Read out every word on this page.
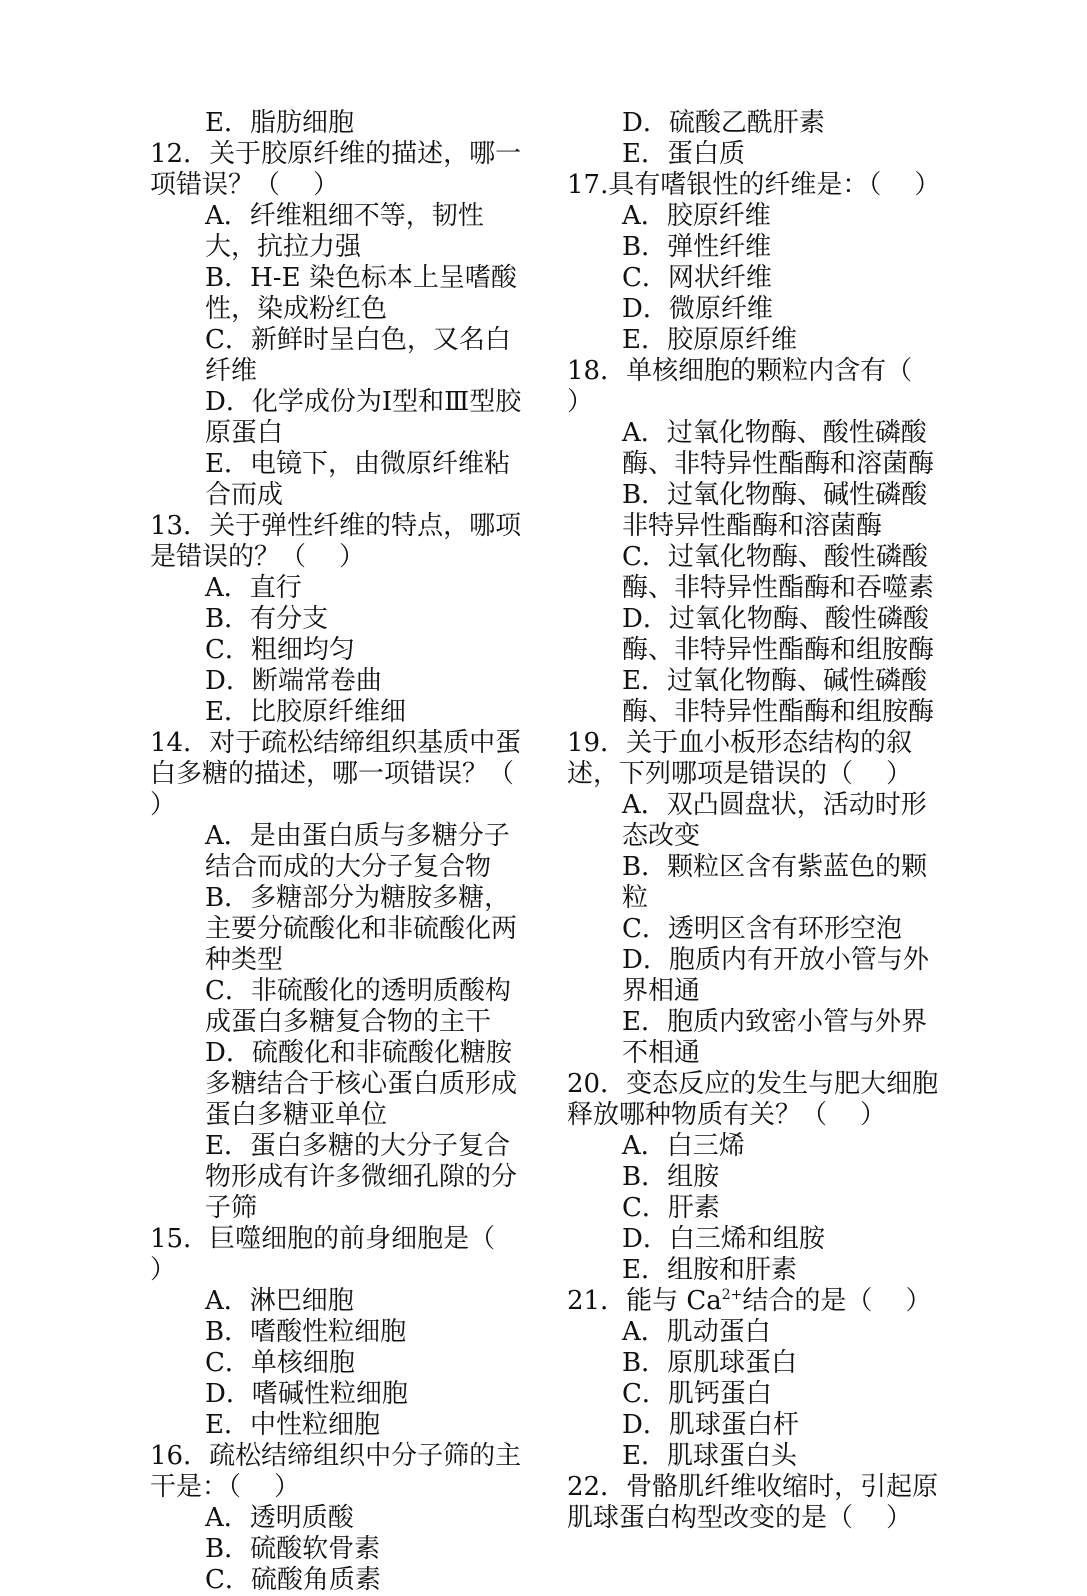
E．脂肪细胞
12．关于胶原纤维的描述，哪一项错误？（    ）
A．纤维粗细不等，韧性大，抗拉力强
B．H-E 染色标本上呈嗜酸性，染成粉红色
C．新鲜时呈白色，又名白纤维
D．化学成份为Ⅰ型和Ⅲ型胶原蛋白
E．电镜下，由微原纤维粘合而成
13．关于弹性纤维的特点，哪项是错误的？（    ）
A．直行
B．有分支
C．粗细均匀
D．断端常卷曲
E．比胶原纤维细
14．对于疏松结缔组织基质中蛋白多糖的描述，哪一项错误？（    ）
A．是由蛋白质与多糖分子结合而成的大分子复合物
B．多糖部分为糖胺多糖，主要分硫酸化和非硫酸化两种类型
C．非硫酸化的透明质酸构成蛋白多糖复合物的主干
D．硫酸化和非硫酸化糖胺多糖结合于核心蛋白质形成蛋白多糖亚单位
E．蛋白多糖的大分子复合物形成有许多微细孔隙的分子筛
15．巨噬细胞的前身细胞是（    ）
A．淋巴细胞
B．嗜酸性粒细胞
C．单核细胞
D．嗜碱性粒细胞
E．中性粒细胞
16．疏松结缔组织中分子筛的主干是：（    ）
A．透明质酸
B．硫酸软骨素
C．硫酸角质素
D．硫酸乙酰肝素
E．蛋白质
17.具有嗜银性的纤维是：（    ）
A．胶原纤维
B．弹性纤维
C．网状纤维
D．微原纤维
E．胶原原纤维
18．单核细胞的颗粒内含有（    ）
A．过氧化物酶、酸性磷酸酶、非特异性酯酶和溶菌酶
B．过氧化物酶、碱性磷酸非特异性酯酶和溶菌酶
C．过氧化物酶、酸性磷酸酶、非特异性酯酶和吞噬素
D．过氧化物酶、酸性磷酸酶、非特异性酯酶和组胺酶
E．过氧化物酶、碱性磷酸酶、非特异性酯酶和组胺酶
19．关于血小板形态结构的叙述，下列哪项是错误的（    ）
A．双凸圆盘状，活动时形态改变
B．颗粒区含有紫蓝色的颗粒
C．透明区含有环形空泡
D．胞质内有开放小管与外界相通
E．胞质内致密小管与外界不相通
20．变态反应的发生与肥大细胞释放哪种物质有关？（    ）
A．白三烯
B．组胺
C．肝素
D．白三烯和组胺
E．组胺和肝素
21．能与 $Ca^{2+}$结合的是（    ）
A．肌动蛋白
B．原肌球蛋白
C．肌钙蛋白
D．肌球蛋白杆
E．肌球蛋白头
22．骨骼肌纤维收缩时，引起原肌球蛋白构型改变的是（    ）
